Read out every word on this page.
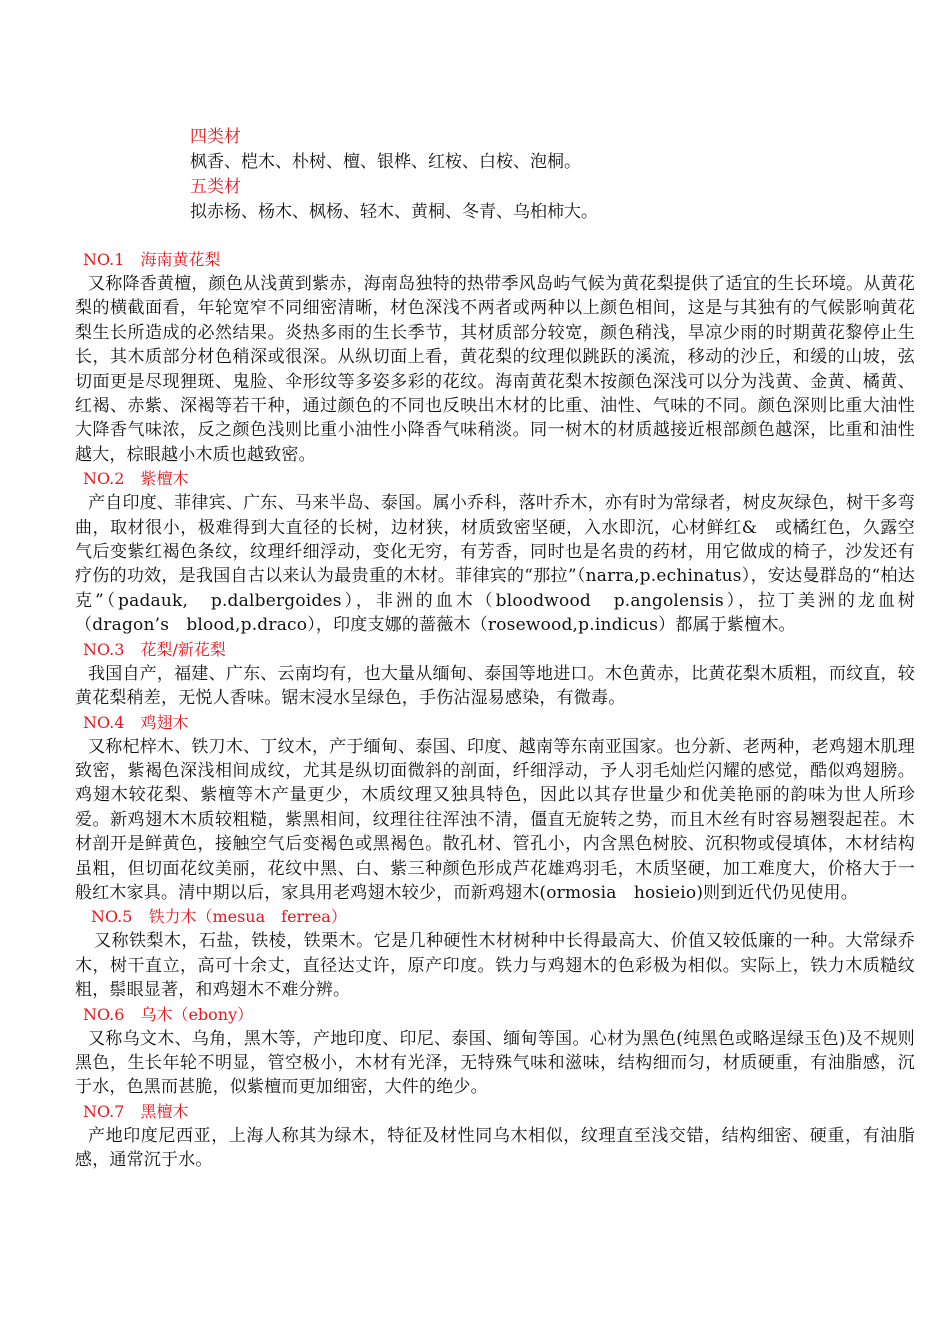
四类材
枫香、桤木、朴树、檀、银桦、红桉、白桉、泡桐。
五类材
拟赤杨、杨木、枫杨、轻木、黄桐、冬青、乌桕柿大。
NO.1　海南黄花梨

又称降香黄檀，颜色从浅黄到紫赤，海南岛独特的热带季风岛屿气候为黄花梨提供了适宜的生长环境。从黄花梨的横截面看，年轮宽窄不同细密清晰，材色深浅不两者或两种以上颜色相间，这是与其独有的气候影响黄花梨生长所造成的必然结果。炎热多雨的生长季节，其材质部分较宽，颜色稍浅，旱凉少雨的时期黄花黎停止生长，其木质部分材色稍深或很深。从纵切面上看，黄花梨的纹理似跳跃的溪流，移动的沙丘，和缓的山坡，弦切面更是尽现狸斑、鬼脸、伞形纹等多姿多彩的花纹。海南黄花梨木按颜色深浅可以分为浅黄、金黄、橘黄、红褐、赤紫、深褐等若干种，通过颜色的不同也反映出木材的比重、油性、气味的不同。颜色深则比重大油性大降香气味浓，反之颜色浅则比重小油性小降香气味稍淡。同一树木的材质越接近根部颜色越深，比重和油性越大，棕眼越小木质也越致密。

NO.2　紫檀木

产自印度、菲律宾、广东、马来半岛、泰国。属小乔科，落叶乔木，亦有时为常绿者，树皮灰绿色，树干多弯曲，取材很小，极难得到大直径的长树，边材狭，材质致密坚硬，入水即沉，心材鲜红&　或橘红色，久露空气后变紫红褐色条纹，纹理纤细浮动，变化无穷，有芳香，同时也是名贵的药材，用它做成的椅子，沙发还有疗伤的功效，是我国自古以来认为最贵重的木材。菲律宾的“那拉”（narra,p.echinatus），安达曼群岛的“柏达克”（padauk,　p.dalbergoides），非洲的血木（bloodwood　p.angolensis），拉丁美洲的龙血树（dragon’s　blood,p.draco），印度支娜的蔷薇木（rosewood,p.indicus）都属于紫檀木。

NO.3　花梨/新花梨

我国自产，福建、广东、云南均有，也大量从缅甸、泰国等地进口。木色黄赤，比黄花梨木质粗，而纹直，较黄花梨稍差，无悦人香味。锯末浸水呈绿色，手伤沾湿易感染，有微毒。

NO.4　鸡翅木

又称杞梓木、铁刀木、丁纹木，产于缅甸、泰国、印度、越南等东南亚国家。也分新、老两种，老鸡翅木肌理致密，紫褐色深浅相间成纹，尤其是纵切面微斜的剖面，纤细浮动，予人羽毛灿烂闪耀的感觉，酷似鸡翅膀。鸡翅木较花梨、紫檀等木产量更少，木质纹理又独具特色，因此以其存世量少和优美艳丽的韵味为世人所珍爱。新鸡翅木木质较粗糙，紫黑相间，纹理往往浑浊不清，僵直无旋转之势，而且木丝有时容易翘裂起茬。木材剖开是鲜黄色，接触空气后变褐色或黑褐色。散孔材、管孔小，内含黑色树胶、沉积物或侵填体，木材结构虽粗，但切面花纹美丽，花纹中黑、白、紫三种颜色形成芦花雄鸡羽毛，木质坚硬，加工难度大，价格大于一般红木家具。清中期以后，家具用老鸡翅木较少，而新鸡翅木(ormosia　hosieio)则到近代仍见使用。

NO.5　铁力木（mesua　ferrea）

又称铁梨木，石盐，铁棱，铁栗木。它是几种硬性木材树种中长得最高大、价值又较低廉的一种。大常绿乔木，树干直立，高可十余丈，直径达丈许，原产印度。铁力与鸡翅木的色彩极为相似。实际上，铁力木质糙纹粗，鬃眼显著，和鸡翅木不难分辨。

NO.6　乌木（ebony）

又称乌文木、乌角，黑木等，产地印度、印尼、泰国、缅甸等国。心材为黑色(纯黑色或略逞绿玉色)及不规则黑色，生长年轮不明显，管空极小，木材有光泽，无特殊气味和滋味，结构细而匀，材质硬重，有油脂感，沉于水，色黑而甚脆，似紫檀而更加细密，大件的绝少。

NO.7　黑檀木

产地印度尼西亚，上海人称其为绿木，特征及材性同乌木相似，纹理直至浅交错，结构细密、硬重，有油脂感，通常沉于水。
